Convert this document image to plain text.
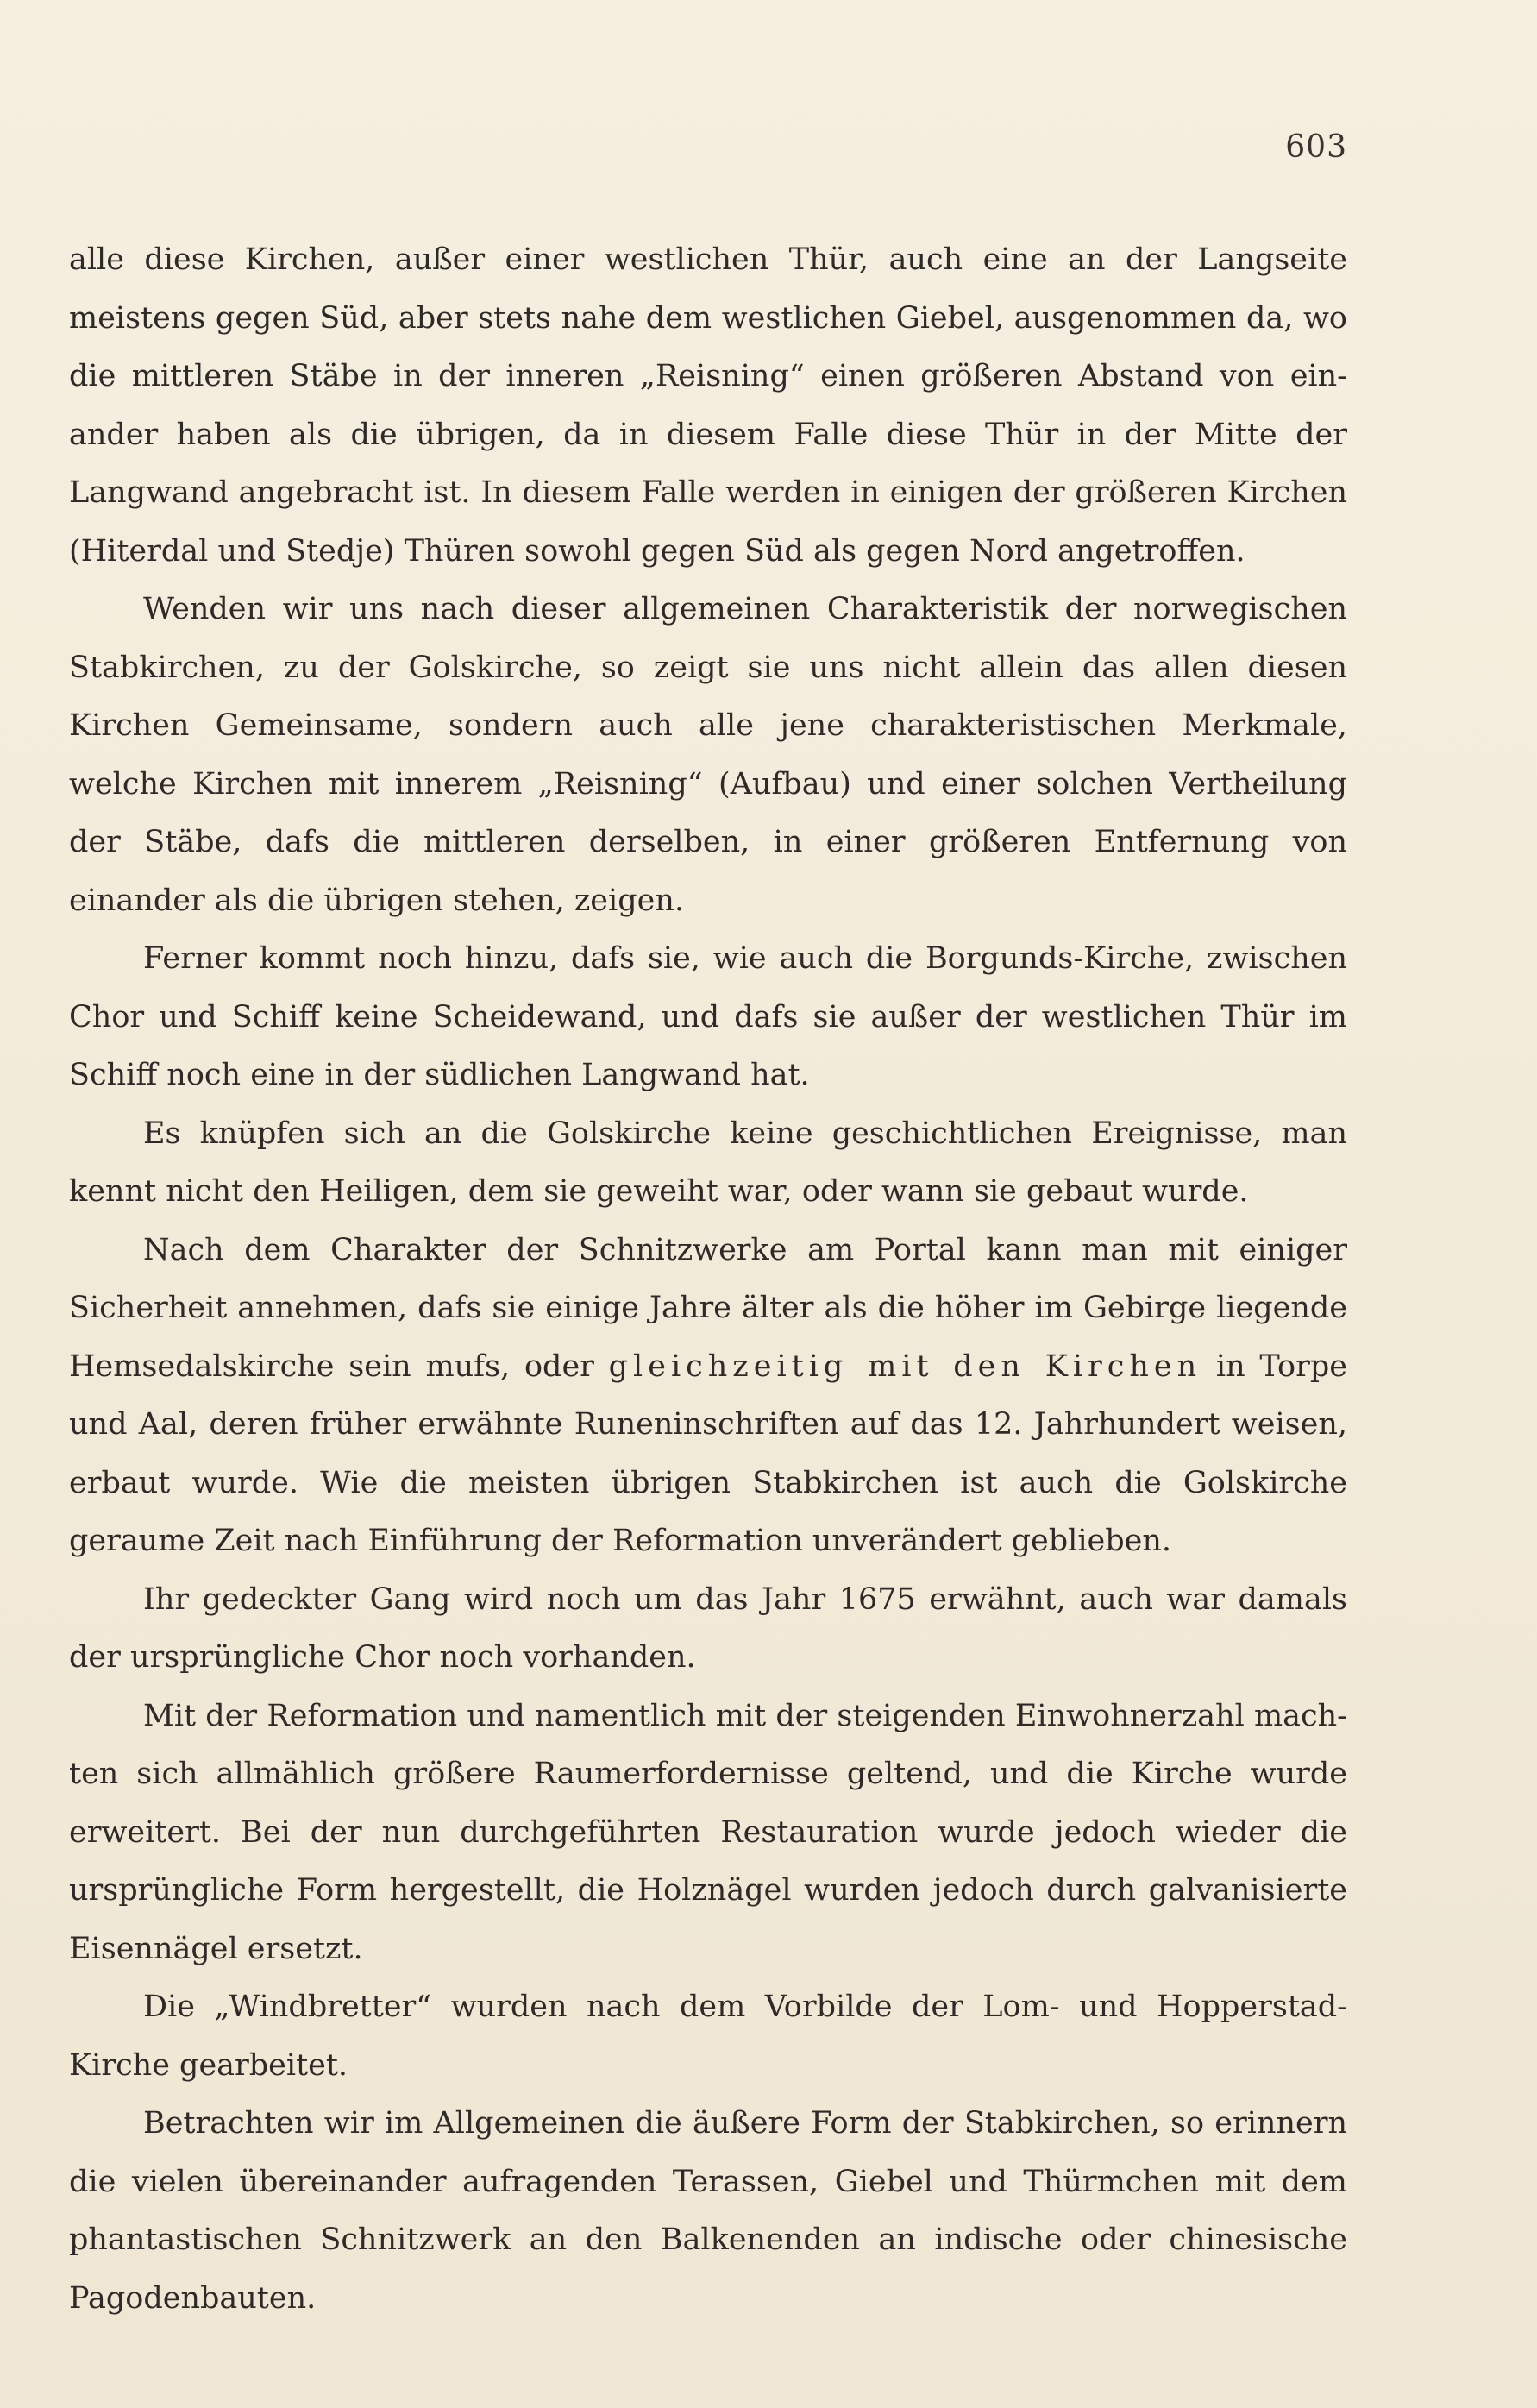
603

alle diese Kirchen, außer einer westlichen Thür, auch eine an der Langseite meistens gegen Süd, aber stets nahe dem westlichen Giebel, ausgenommen da, wo die mittleren Stäbe in der inneren „Reisning“ einen größeren Abstand von einander haben als die übrigen, da in diesem Falle diese Thür in der Mitte der Langwand angebracht ist. In diesem Falle werden in einigen der größeren Kirchen (Hiterdal und Stedje) Thüren sowohl gegen Süd als gegen Nord angetroffen.

Wenden wir uns nach dieser allgemeinen Charakteristik der norwegischen Stabkirchen, zu der Golskirche, so zeigt sie uns nicht allein das allen diesen Kirchen Gemeinsame, sondern auch alle jene charakteristischen Merkmale, welche Kirchen mit innerem „Reisning“ (Aufbau) und einer solchen Vertheilung der Stäbe, dafs die mittleren derselben, in einer größeren Entfernung von einander als die übrigen stehen, zeigen.

Ferner kommt noch hinzu, dafs sie, wie auch die Borgunds-Kirche, zwischen Chor und Schiff keine Scheidewand, und dafs sie außer der westlichen Thür im Schiff noch eine in der südlichen Langwand hat.

Es knüpfen sich an die Golskirche keine geschichtlichen Ereignisse, man kennt nicht den Heiligen, dem sie geweiht war, oder wann sie gebaut wurde.

Nach dem Charakter der Schnitzwerke am Portal kann man mit einiger Sicherheit annehmen, dafs sie einige Jahre älter als die höher im Gebirge liegende Hemsedalskirche sein mufs, oder gleichzeitig mit den Kirchen in Torpe und Aal, deren früher erwähnte Runeninschriften auf das 12. Jahrhundert weisen, erbaut wurde. Wie die meisten übrigen Stabkirchen ist auch die Golskirche geraume Zeit nach Einführung der Reformation unverändert geblieben.

Ihr gedeckter Gang wird noch um das Jahr 1675 erwähnt, auch war damals der ursprüngliche Chor noch vorhanden.

Mit der Reformation und namentlich mit der steigenden Einwohnerzahl machten sich allmählich größere Raumerfordernisse geltend, und die Kirche wurde erweitert. Bei der nun durchgeführten Restauration wurde jedoch wieder die ursprüngliche Form hergestellt, die Holznägel wurden jedoch durch galvanisierte Eisennägel ersetzt.

Die „Windbretter“ wurden nach dem Vorbilde der Lom- und Hopperstad-Kirche gearbeitet.

Betrachten wir im Allgemeinen die äußere Form der Stabkirchen, so erinnern die vielen übereinander aufragenden Terassen, Giebel und Thürmchen mit dem phantastischen Schnitzwerk an den Balkenenden an indische oder chinesische Pagodenbauten.
